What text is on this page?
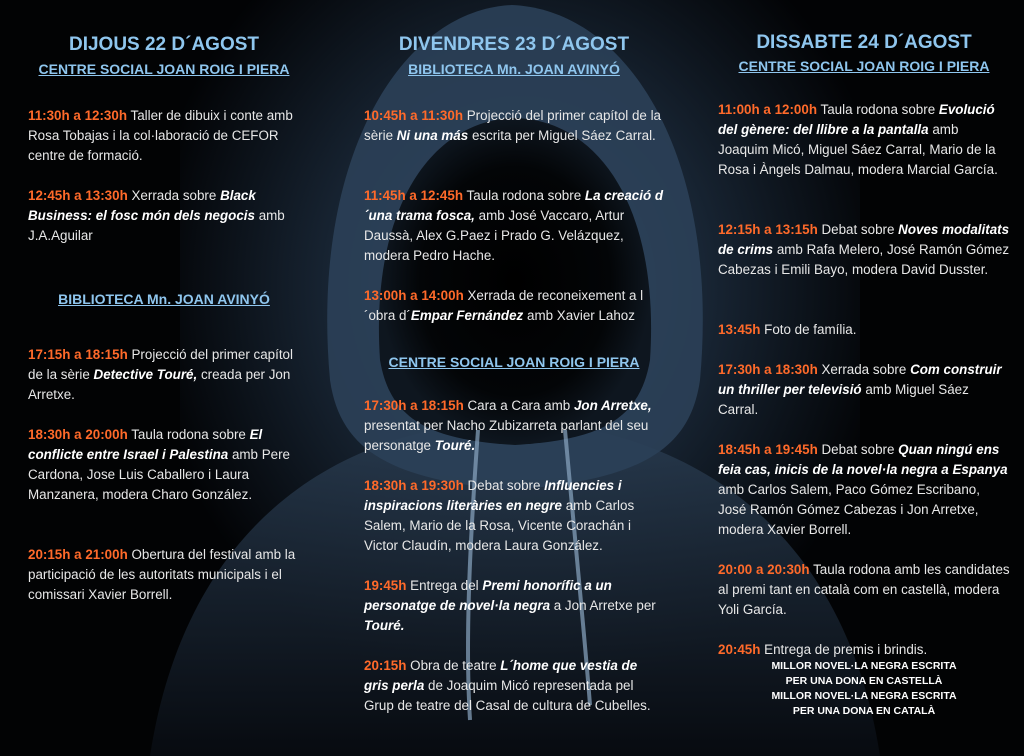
DIJOUS 22 D´AGOST
CENTRE SOCIAL JOAN ROIG I PIERA
11:30h a 12:30h Taller de dibuix i conte amb Rosa Tobajas i la col·laboració de CEFOR centre de formació.
12:45h a 13:30h Xerrada sobre Black Business: el fosc món dels negocis amb J.A.Aguilar
BIBLIOTECA Mn. JOAN AVINYÓ
17:15h a 18:15h Projecció del primer capítol de la sèrie Detective Touré, creada per Jon Arretxe.
18:30h a 20:00h Taula rodona sobre El conflicte entre Israel i Palestina amb Pere Cardona, Jose Luis Caballero i Laura Manzanera, modera Charo González.
20:15h a 21:00h Obertura del festival amb la participació de les autoritats municipals i el comissari Xavier Borrell.
DIVENDRES 23 D´AGOST
BIBLIOTECA Mn. JOAN AVINYÓ
10:45h a 11:30h Projecció del primer capítol de la sèrie Ni una más escrita per Miguel Sáez Carral.
11:45h a 12:45h Taula rodona sobre La creació d´una trama fosca, amb José Vaccaro, Artur Daussà, Alex G.Paez i Prado G. Velázquez, modera Pedro Hache.
13:00h a 14:00h Xerrada de reconeixement a l´obra d´Empar Fernández amb Xavier Lahoz
CENTRE SOCIAL JOAN ROIG I PIERA
17:30h a 18:15h Cara a Cara amb Jon Arretxe, presentat per Nacho Zubizarreta parlant del seu personatge Touré.
18:30h a 19:30h Debat sobre Influencies i inspiracions literàries en negre amb Carlos Salem, Mario de la Rosa, Vicente Corachán i Victor Claudín, modera Laura González.
19:45h Entrega del Premi honorífic a un personatge de novel·la negra a Jon Arretxe per Touré.
20:15h Obra de teatre L´home que vestia de gris perla de Joaquim Micó representada pel Grup de teatre del Casal de cultura de Cubelles.
DISSABTE 24 D´AGOST
CENTRE SOCIAL JOAN ROIG I PIERA
11:00h a 12:00h Taula rodona sobre Evolució del gènere: del llibre a la pantalla amb Joaquim Micó, Miguel Sáez Carral, Mario de la Rosa i Àngels Dalmau, modera Marcial García.
12:15h a 13:15h Debat sobre Noves modalitats de crims amb Rafa Melero, José Ramón Gómez Cabezas i Emili Bayo, modera David Dusster.
13:45h Foto de família.
17:30h a 18:30h Xerrada sobre Com construir un thriller per televisió amb Miguel Sáez Carral.
18:45h a 19:45h Debat sobre Quan ningú ens feia cas, inicis de la novel·la negra a Espanya amb Carlos Salem, Paco Gómez Escribano, José Ramón Gómez Cabezas i Jon Arretxe, modera Xavier Borrell.
20:00 a 20:30h Taula rodona amb les candidates al premi tant en català com en castellà, modera Yoli García.
20:45h Entrega de premis i brindis.
MILLOR NOVEL·LA NEGRA ESCRITA
PER UNA DONA EN CASTELLÀ
MILLOR NOVEL·LA NEGRA ESCRITA
PER UNA DONA EN CATALÀ
